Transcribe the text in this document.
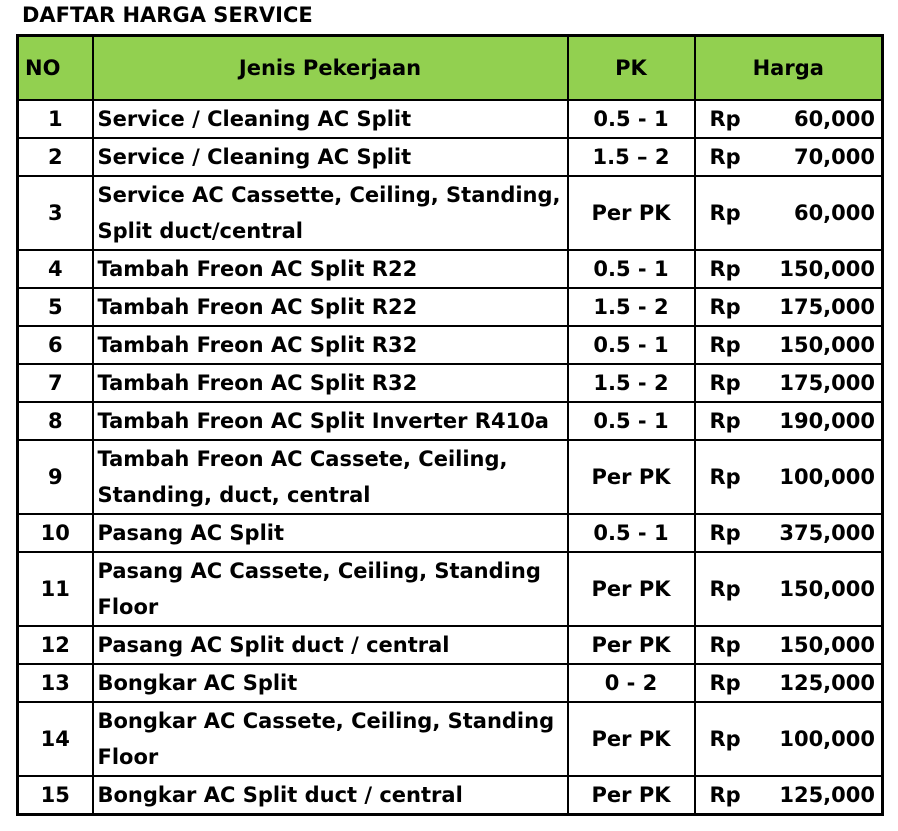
DAFTAR HARGA SERVICE
NO	Jenis Pekerjaan	PK	Harga
1	Service / Cleaning AC Split	0.5 - 1	Rp 60,000

2	Service / Cleaning AC Split	1.5 – 2	Rp 70,000

3	Service AC Cassette, Ceiling, Standing, Split duct/central	Per PK	Rp 60,000

4	Tambah Freon AC Split R22	0.5 - 1	Rp 150,000

5	Tambah Freon AC Split R22	1.5 - 2	Rp 175,000

6	Tambah Freon AC Split R32	0.5 - 1	Rp 150,000

7	Tambah Freon AC Split R32	1.5 - 2	Rp 175,000

8	Tambah Freon AC Split Inverter R410a	0.5 - 1	Rp 190,000

9	Tambah Freon AC Cassete, Ceiling, Standing, duct, central	Per PK	Rp 100,000

10	Pasang AC Split	0.5 - 1	Rp 375,000

11	Pasang AC Cassete, Ceiling, Standing Floor	Per PK	Rp 150,000

12	Pasang AC Split duct / central	Per PK	Rp 150,000

13	Bongkar AC Split	0 - 2	Rp 125,000

14	Bongkar AC Cassete, Ceiling, Standing Floor	Per PK	Rp 100,000

15	Bongkar AC Split duct / central	Per PK	Rp 125,000
